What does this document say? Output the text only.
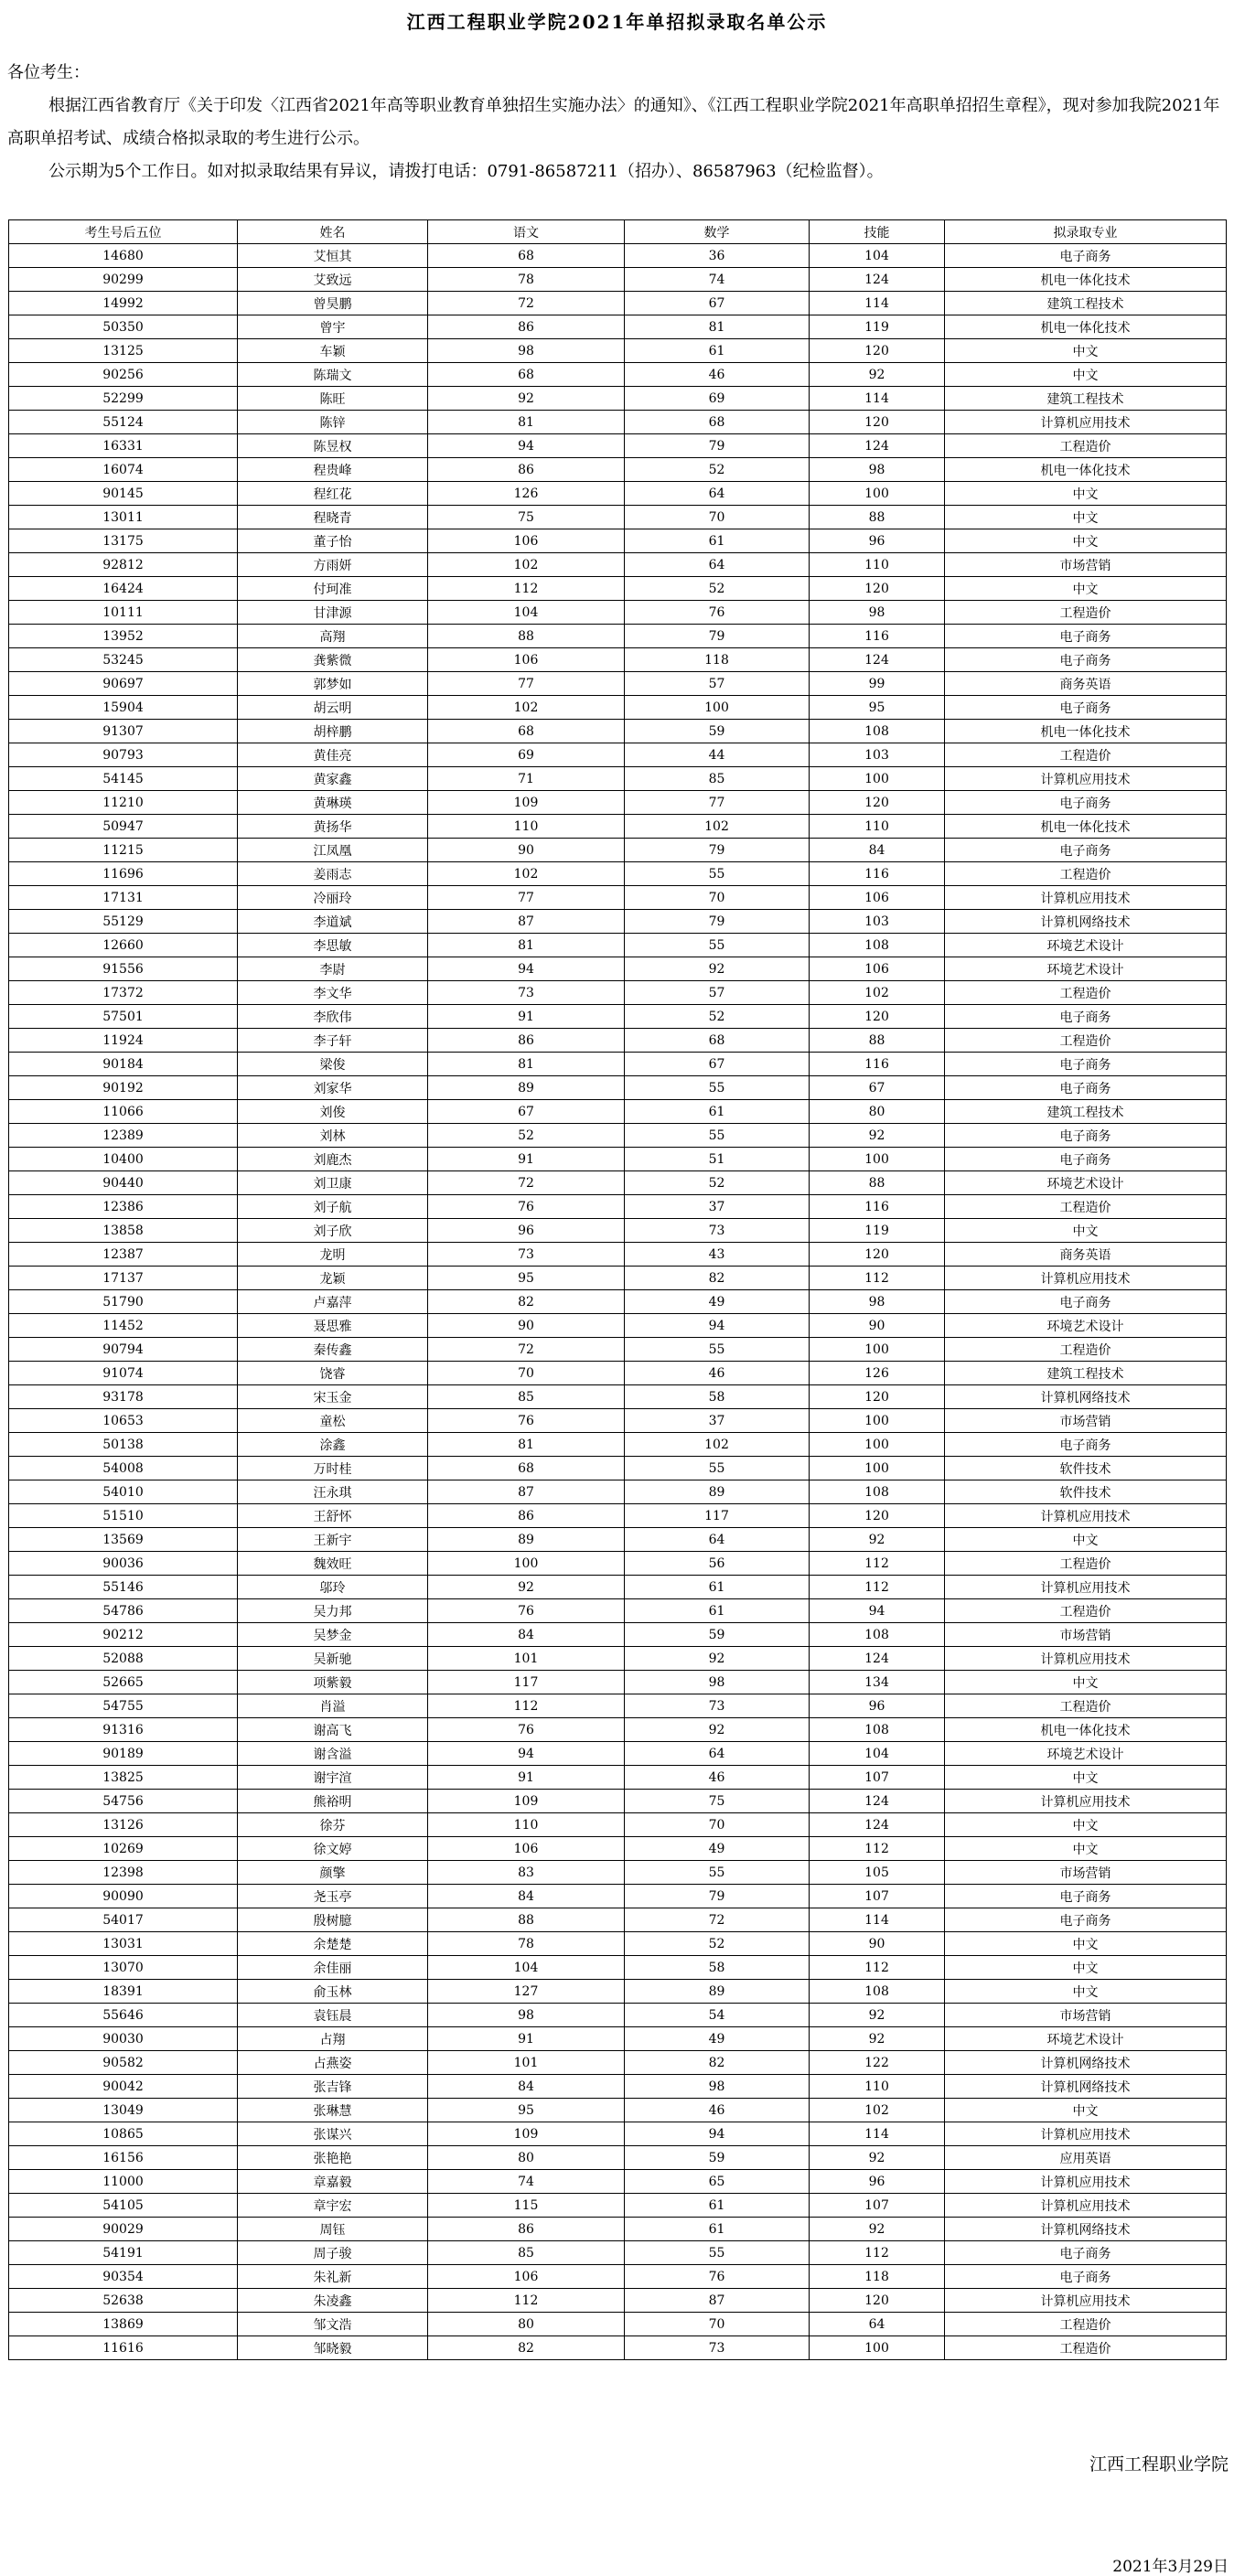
江西工程职业学院2021年单招拟录取名单公示

各位考生：

根据江西省教育厅《关于印发〈江西省2021年高等职业教育单独招生实施办法〉的通知》、《江西工程职业学院2021年高职单招招生章程》，现对参加我院2021年高职单招考试、成绩合格拟录取的考生进行公示。

公示期为5个工作日。如对拟录取结果有异议，请拨打电话：0791-86587211（招办）、86587963（纪检监督）。

考生号后五位	姓名	语文	数学	技能	拟录取专业
14680	艾恒其	68	36	104	电子商务
90299	艾致远	78	74	124	机电一体化技术
14992	曾昊鹏	72	67	114	建筑工程技术
50350	曾宇	86	81	119	机电一体化技术
13125	车颖	98	61	120	中文
90256	陈瑞文	68	46	92	中文
52299	陈旺	92	69	114	建筑工程技术
55124	陈锌	81	68	120	计算机应用技术
16331	陈昱权	94	79	124	工程造价
16074	程贵峰	86	52	98	机电一体化技术
90145	程红花	126	64	100	中文
13011	程晓青	75	70	88	中文
13175	董子怡	106	61	96	中文
92812	方雨妍	102	64	110	市场营销
16424	付珂准	112	52	120	中文
10111	甘津源	104	76	98	工程造价
13952	高翔	88	79	116	电子商务
53245	龚紫微	106	118	124	电子商务
90697	郭梦如	77	57	99	商务英语
15904	胡云明	102	100	95	电子商务
91307	胡梓鹏	68	59	108	机电一体化技术
90793	黄佳亮	69	44	103	工程造价
54145	黄家鑫	71	85	100	计算机应用技术
11210	黄琳瑛	109	77	120	电子商务
50947	黄扬华	110	102	110	机电一体化技术
11215	江凤凰	90	79	84	电子商务
11696	姜雨志	102	55	116	工程造价
17131	冷丽玲	77	70	106	计算机应用技术
55129	李道斌	87	79	103	计算机网络技术
12660	李思敏	81	55	108	环境艺术设计
91556	李尉	94	92	106	环境艺术设计
17372	李文华	73	57	102	工程造价
57501	李欣伟	91	52	120	电子商务
11924	李子轩	86	68	88	工程造价
90184	梁俊	81	67	116	电子商务
90192	刘家华	89	55	67	电子商务
11066	刘俊	67	61	80	建筑工程技术
12389	刘林	52	55	92	电子商务
10400	刘鹿杰	91	51	100	电子商务
90440	刘卫康	72	52	88	环境艺术设计
12386	刘子航	76	37	116	工程造价
13858	刘子欣	96	73	119	中文
12387	龙明	73	43	120	商务英语
17137	龙颖	95	82	112	计算机应用技术
51790	卢嘉萍	82	49	98	电子商务
11452	聂思雅	90	94	90	环境艺术设计
90794	秦传鑫	72	55	100	工程造价
91074	饶睿	70	46	126	建筑工程技术
93178	宋玉金	85	58	120	计算机网络技术
10653	童松	76	37	100	市场营销
50138	涂鑫	81	102	100	电子商务
54008	万时桂	68	55	100	软件技术
54010	汪永琪	87	89	108	软件技术
51510	王舒怀	86	117	120	计算机应用技术
13569	王新宇	89	64	92	中文
90036	魏效旺	100	56	112	工程造价
55146	邬玲	92	61	112	计算机应用技术
54786	吴力邦	76	61	94	工程造价
90212	吴梦金	84	59	108	市场营销
52088	吴新驰	101	92	124	计算机应用技术
52665	项紫毅	117	98	134	中文
54755	肖溢	112	73	96	工程造价
91316	谢高飞	76	92	108	机电一体化技术
90189	谢含溢	94	64	104	环境艺术设计
13825	谢宇渲	91	46	107	中文
54756	熊裕明	109	75	124	计算机应用技术
13126	徐芬	110	70	124	中文
10269	徐文婷	106	49	112	中文
12398	颜擎	83	55	105	市场营销
90090	尧玉亭	84	79	107	电子商务
54017	殷树臆	88	72	114	电子商务
13031	余楚楚	78	52	90	中文
13070	余佳丽	104	58	112	中文
18391	俞玉林	127	89	108	中文
55646	袁钰晨	98	54	92	市场营销
90030	占翔	91	49	92	环境艺术设计
90582	占燕姿	101	82	122	计算机网络技术
90042	张吉锋	84	98	110	计算机网络技术
13049	张琳慧	95	46	102	中文
10865	张谋兴	109	94	114	计算机应用技术
16156	张艳艳	80	59	92	应用英语
11000	章嘉毅	74	65	96	计算机应用技术
54105	章宇宏	115	61	107	计算机应用技术
90029	周钰	86	61	92	计算机网络技术
54191	周子骏	85	55	112	电子商务
90354	朱礼新	106	76	118	电子商务
52638	朱凌鑫	112	87	120	计算机应用技术
13869	邹文浩	80	70	64	工程造价
11616	邹晓毅	82	73	100	工程造价
江西工程职业学院
2021年3月29日
